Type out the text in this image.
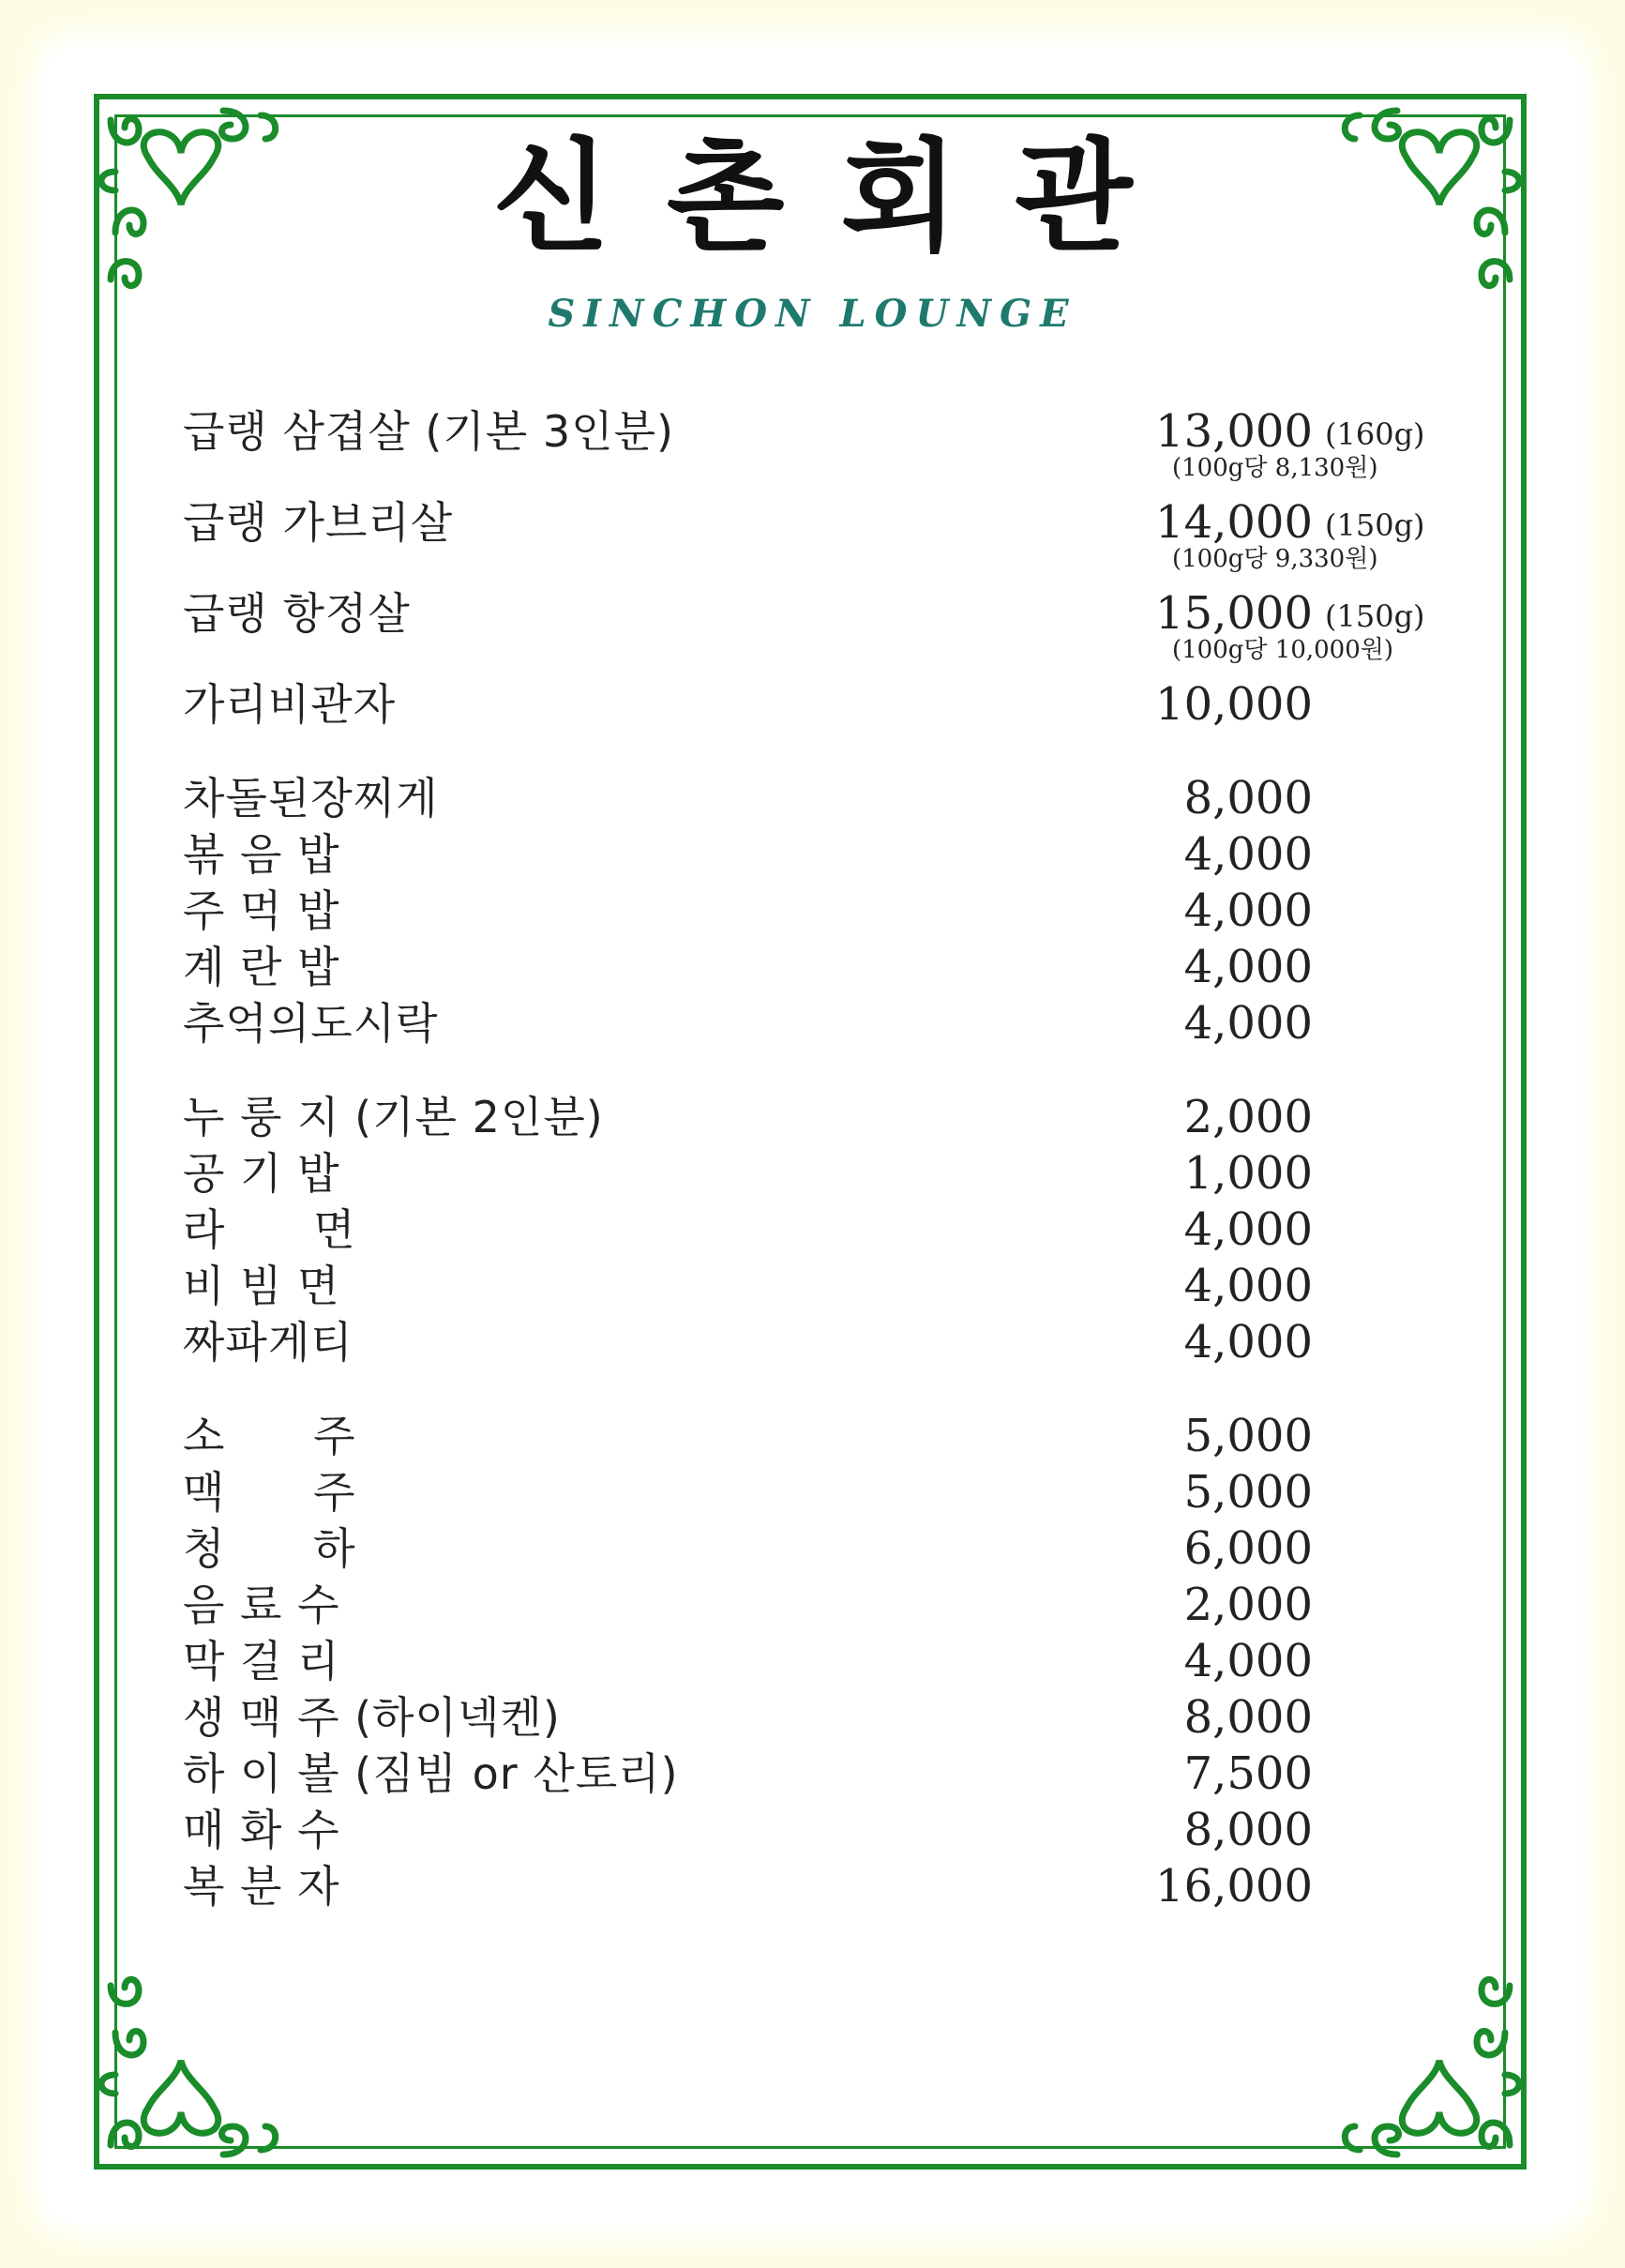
신촌회관
SINCHON LOUNGE
급랭 삼겹살 (기본 3인분)	13,000 (160g)
(100g당 8,130원)
급랭 가브리살	14,000 (150g)
(100g당 9,330원)
급랭 항정살	15,000 (150g)
(100g당 10,000원)
가리비관자	10,000
차돌된장찌게	8,000
볶 음 밥	4,000
주 먹 밥	4,000
계 란 밥	4,000
추억의도시락	4,000
누 룽 지 (기본 2인분)	2,000
공 기 밥	1,000
라      면	4,000
비 빔 면	4,000
짜파게티	4,000
소      주	5,000
맥      주	5,000
청      하	6,000
음 료 수	2,000
막 걸 리	4,000
생 맥 주 (하이넥켄)	8,000
하 이 볼 (짐빔 or 산토리)	7,500
매 화 수	8,000
복 분 자	16,000
